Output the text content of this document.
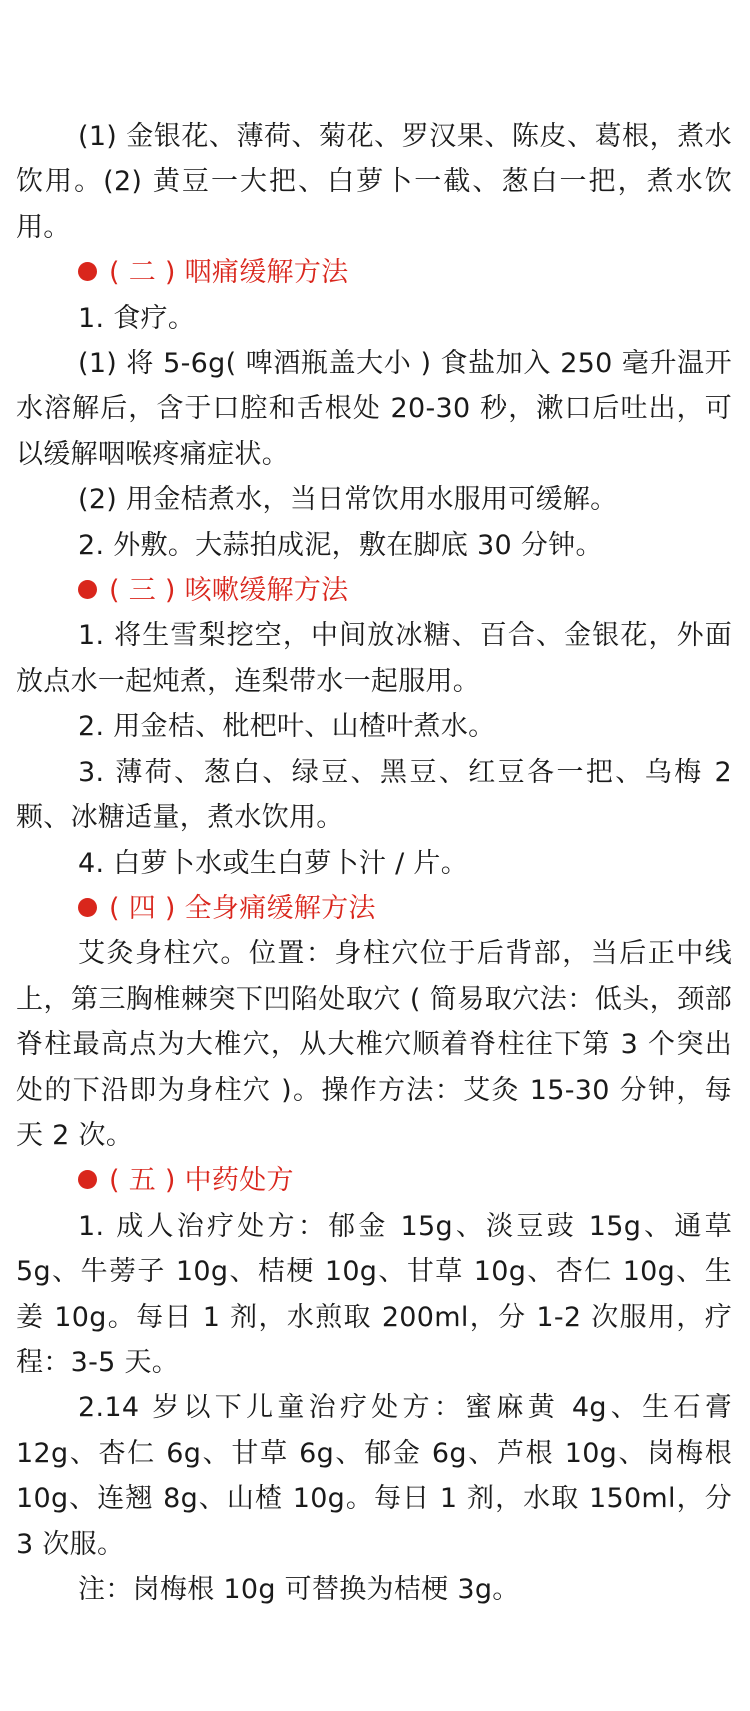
(1) 金银花、薄荷、菊花、罗汉果、陈皮、葛根，煮水饮用。(2) 黄豆一大把、白萝卜一截、葱白一把，煮水饮用。

( 二 ) 咽痛缓解方法

1. 食疗。

(1) 将 5-6g( 啤酒瓶盖大小 ) 食盐加入 250 毫升温开水溶解后，含于口腔和舌根处 20-30 秒，漱口后吐出，可以缓解咽喉疼痛症状。

(2) 用金桔煮水，当日常饮用水服用可缓解。

2. 外敷。大蒜拍成泥，敷在脚底 30 分钟。

( 三 ) 咳嗽缓解方法

1. 将生雪梨挖空，中间放冰糖、百合、金银花，外面放点水一起炖煮，连梨带水一起服用。

2. 用金桔、枇杷叶、山楂叶煮水。

3. 薄荷、葱白、绿豆、黑豆、红豆各一把、乌梅 2 颗、冰糖适量，煮水饮用。

4. 白萝卜水或生白萝卜汁 / 片。

( 四 ) 全身痛缓解方法

艾灸身柱穴。位置：身柱穴位于后背部，当后正中线上，第三胸椎棘突下凹陷处取穴 ( 简易取穴法：低头，颈部脊柱最高点为大椎穴，从大椎穴顺着脊柱往下第 3 个突出处的下沿即为身柱穴 )。操作方法：艾灸 15-30 分钟，每天 2 次。

( 五 ) 中药处方

1. 成人治疗处方：郁金 15g、淡豆豉 15g、通草 5g、牛蒡子 10g、桔梗 10g、甘草 10g、杏仁 10g、生姜 10g。每日 1 剂，水煎取 200ml，分 1-2 次服用，疗程：3-5 天。

2.14 岁以下儿童治疗处方：蜜麻黄 4g、生石膏 12g、杏仁 6g、甘草 6g、郁金 6g、芦根 10g、岗梅根 10g、连翘 8g、山楂 10g。每日 1 剂，水取 150ml，分 3 次服。

注：岗梅根 10g 可替换为桔梗 3g。
